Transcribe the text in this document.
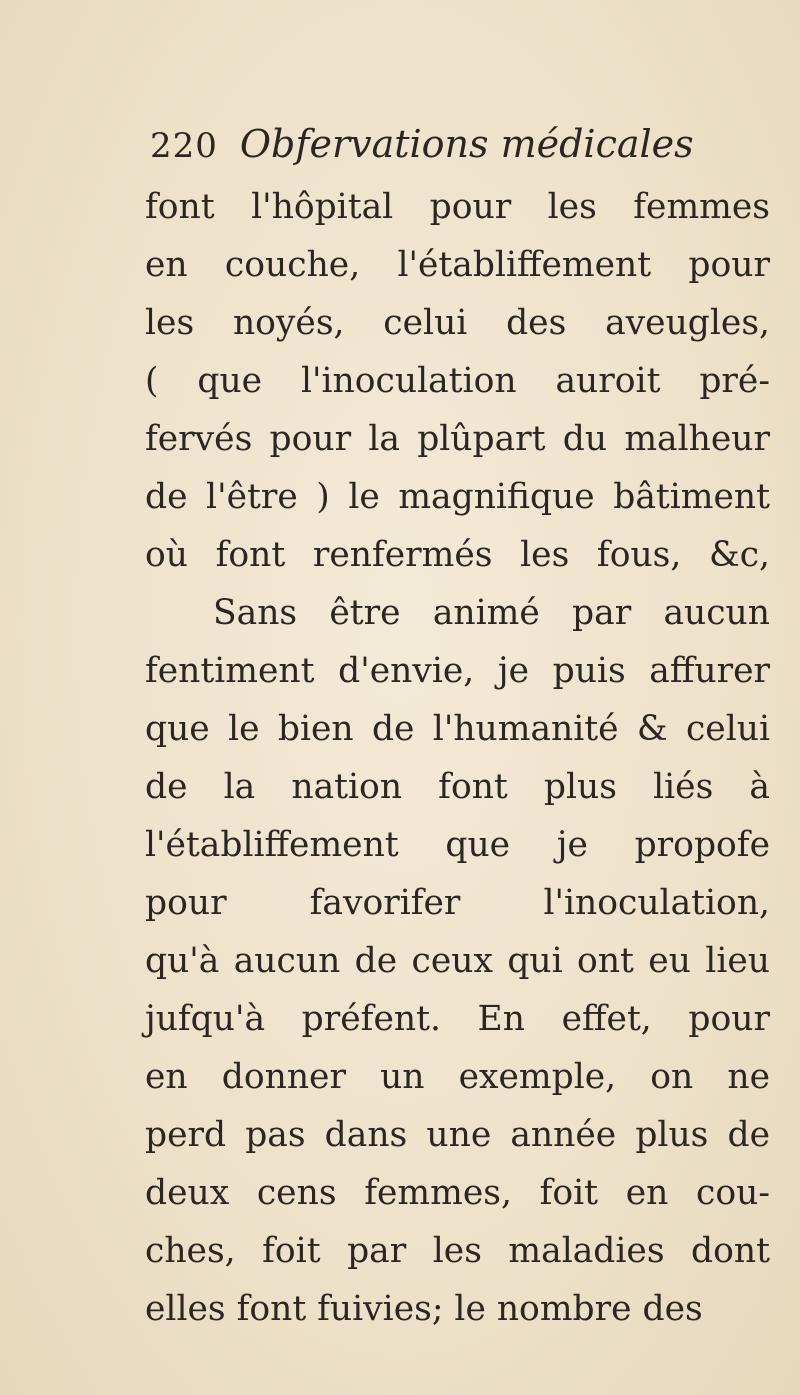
220 Obfervations médicales
font l'hôpital pour les femmes
en couche, l'établiffement pour
les noyés, celui des aveugles,
( que l'inoculation auroit pré-
fervés pour la plûpart du malheur
de l'être ) le magnifique bâtiment
où font renfermés les fous, &c,
Sans être animé par aucun
fentiment d'envie, je puis affurer
que le bien de l'humanité & celui
de la nation font plus liés à
l'établiffement que je propofe
pour favorifer l'inoculation,
qu'à aucun de ceux qui ont eu lieu
jufqu'à préfent. En effet, pour
en donner un exemple, on ne
perd pas dans une année plus de
deux cens femmes, foit en cou-
ches, foit par les maladies dont
elles font fuivies; le nombre des
